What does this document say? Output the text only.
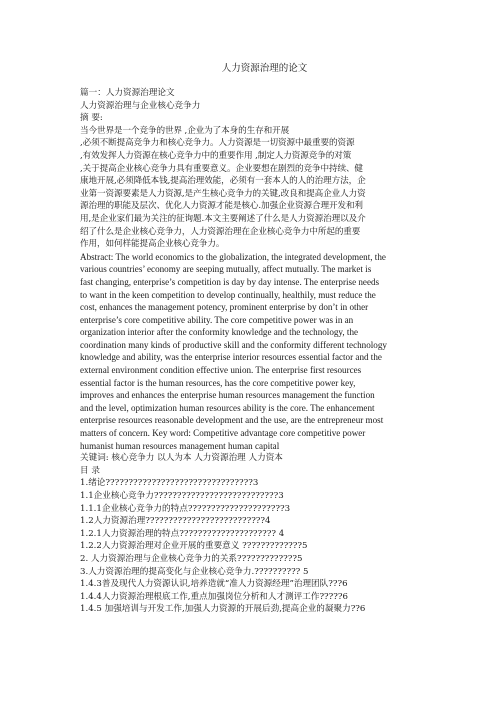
人力资源治理的论文
篇一：人力资源治理论文
人力资源治理与企业核心竞争力
摘 要:
当今世界是一个竞争的世界 ,企业为了本身的生存和开展
,必须不断提高竞争力和核心竞争力。人力资源是一切资源中最重要的资源
,有效发挥人力资源在核心竞争力中的重要作用 ,制定人力资源竞争的对策
,关于提高企业核心竞争力具有重要意义。企业要想在剧烈的竞争中持续、健
康地开展,必须降低本钱,提高治理效能，必须有一套本人的人的治理方法，企
业第一资源要素是人力资源,是产生核心竞争力的关键,改良和提高企业人力资
源治理的职能及层次、优化人力资源才能是核心.加强企业资源合理开发和利
用,是企业家们最为关注的征询题.本文主要阐述了什么是人力资源治理以及介
绍了什么是企业核心竞争力，人力资源治理在企业核心竞争力中所起的重要
作用，如何样能提高企业核心竞争力。
Abstract: The world economics to the globalization, the integrated development, the
various countries’ economy are seeping mutually, affect mutually. The market is
fast changing, enterprise’s competition is day by day intense. The enterprise needs
to want in the keen competition to develop continually, healthily, must reduce the
cost, enhances the management potency, prominent enterprise by don’t in other
enterprise’s core competitive ability. The core competitive power was in an
organization interior after the conformity knowledge and the technology, the
coordination many kinds of productive skill and the conformity different technology
knowledge and ability, was the enterprise interior resources essential factor and the
external environment condition effective union. The enterprise first resources
essential factor is the human resources, has the core competitive power key,
improves and enhances the enterprise human resources management the function
and the level, optimization human resources ability is the core. The enhancement
enterprise resources reasonable development and the use, are the entrepreneur most
matters of concern. Key word: Competitive advantage core competitive power
humanist human resources management human capital
关键词: 核心竞争力 以人为本 人力资源治理 人力资本
目 录
1.绪论????????????????????????????????3
1.1企业核心竞争力???????????????????????????3
1.1.1企业核心竞争力的特点?????????????????????3
1.2人力资源治理??????????????????????????4
1.2.1人力资源治理的特点????????????????????? 4
1.2.2人力资源治理对企业开展的重要意义 ?????????????5
2. 人力资源治理与企业核心竞争力的关系?????????????5
3.人力资源治理的提高变化与企业核心竞争力.?????????? 5
1.4.3普及现代人力资源认识,培养造就“准人力资源经理”治理团队???6
1.4.4人力资源治理根底工作,重点加强岗位分析和人才测评工作?????6
1.4.5 加强培训与开发工作,加强人力资源的开展后劲,提高企业的凝聚力??6
